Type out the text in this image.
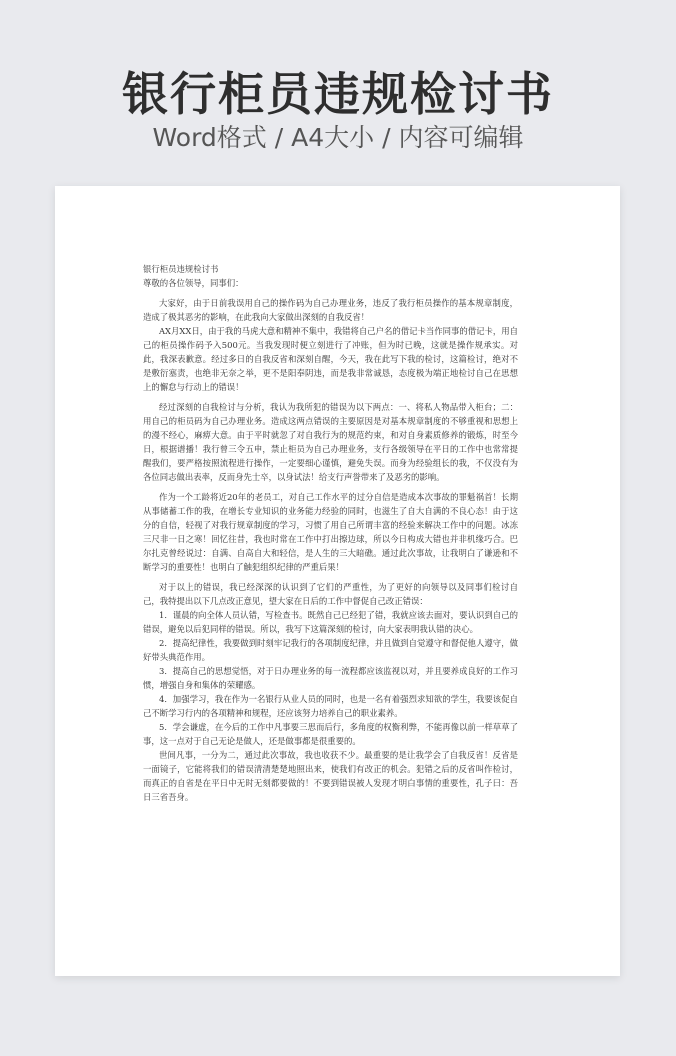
银行柜员违规检讨书
Word格式 / A4大小 / 内容可编辑

银行柜员违规检讨书

尊敬的各位领导，同事们：

大家好，由于日前我误用自己的操作码为自己办理业务，违反了我行柜员操作的基本规章制度，造成了极其恶劣的影响，在此我向大家做出深刻的自我反省！

AX月XX日，由于我的马虎大意和精神不集中，我错将自己户名的借记卡当作同事的借记卡，用自己的柜员操作码予入500元。当我发现时便立刻进行了冲账，但为时已晚，这就是操作规承实。对此，我深表歉意。经过多日的自我反省和深刻自醒，今天，我在此写下我的检讨，这篇检讨，绝对不是敷衍塞责，也绝非无奈之举，更不是阳奉阴违，而是我非常诚恳，态度极为端正地检讨自己在思想上的懈怠与行动上的错误！

经过深刻的自我检讨与分析，我认为我所犯的错误为以下两点：一、将私人物品带入柜台；二：用自己的柜员码为自己办理业务。造成这两点错误的主要原因是对基本规章制度的不够重视和思想上的漫不经心，麻痹大意。由于平时就忽了对自我行为的规范约束，和对自身素质修养的锻炼，时至今日，根据谱播！我行曾三令五申，禁止柜员为自己办理业务，支行各级领导在平日的工作中也常常提醒我们，要严格按照流程进行操作，一定要细心谨慎，避免失误。而身为经验组长的我，不仅没有为各位同志做出表率，反而身先士卒，以身试法！给支行声誉带来了及恶劣的影响。

作为一个工龄将近20年的老员工，对自己工作水平的过分自信是造成本次事故的罪魁祸首！长期从事储蓄工作的我，在增长专业知识的业务能力经验的同时，也滋生了自大自满的不良心态！由于这分的自信，轻视了对我行规章制度的学习，习惯了用自己所谓丰富的经验来解决工作中的问题。冰冻三尺非一日之寒！回忆往昔，我也时常在工作中打出擦边球，所以今日构成大错也并非机缘巧合。巴尔扎克曾经说过：自满、自高自大和轻信，是人生的三大暗礁。通过此次事故，让我明白了谦逊和不断学习的重要性！也明白了触犯组织纪律的严重后果！

对于以上的错误，我已经深深的认识到了它们的严重性，为了更好的向领导以及同事们检讨自己，我特提出以下几点改正意见，望大家在日后的工作中督促自己改正错误：

1．谨晨的向全体人员认错，写检查书。既然自己已经犯了错，我就应该去面对，要认识到自己的错误，避免以后犯同样的错误。所以，我写下这篇深刻的检讨，向大家表明我认错的决心。

2．提高纪律性，我要做到时刻牢记我行的各项制度纪律，并且做到自觉遵守和督促他人遵守，做好带头典范作用。

3．提高自己的思想觉悟，对于日办理业务的每一流程都应该监视以对，并且要养成良好的工作习惯，增强自身和集体的荣耀感。

4．加强学习，我在作为一名银行从业人员的同时，也是一名有着强烈求知欲的学生，我要该促自己不断学习行内的各项精神和规程，还应该努力培养自己的职业素养。

5．学会谦虚，在今后的工作中凡事要三思而后行，多角度的权衡利弊，不能再像以前一样草草了事，这一点对于自己无论是做人，还是做事都是很重要的。

世间凡事，一分为二，通过此次事故，我也收获不少。最重要的是让我学会了自我反省！反省是一面镜子，它能将我们的错误清清楚楚地照出来，使我们有改正的机会。犯错之后的反省叫作检讨，而真正的自省是在平日中无时无刻都要做的！不要到错误被人发现才明白事情的重要性，孔子曰：吾日三省吾身。
